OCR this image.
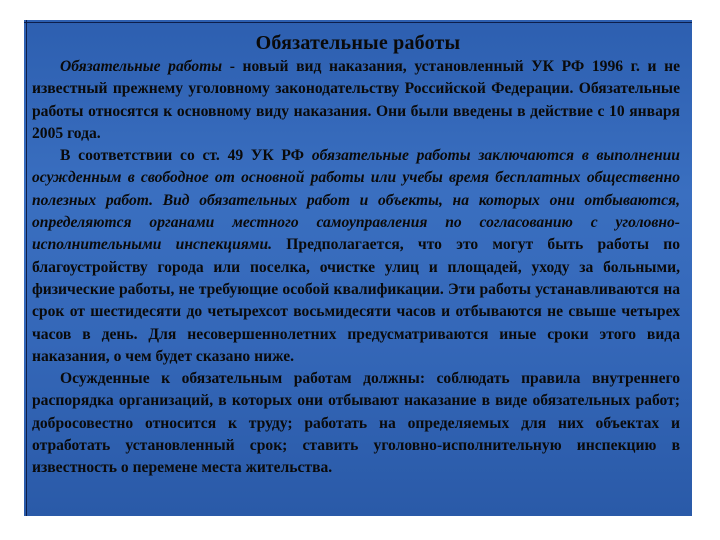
Обязательные работы

Обязательные работы - новый вид наказания, установленный УК РФ 1996 г. и не известный прежнему уголовному законодательству Российской Федерации. Обязательные работы относятся к основному виду наказания. Они были введены в действие с 10 января 2005 года.

В соответствии со ст. 49 УК РФ обязательные работы заключаются в выполнении осужденным в свободное от основной работы или учебы время бесплатных общественно полезных работ. Вид обязательных работ и объекты, на которых они отбываются, определяются органами местного самоуправления по согласованию с уголовно-исполнительными инспекциями. Предполагается, что это могут быть работы по благоустройству города или поселка, очистке улиц и площадей, уходу за больными, физические работы, не требующие особой квалификации. Эти работы устанавливаются на срок от шестидесяти до четырехсот восьмидесяти часов и отбываются не свыше четырех часов в день. Для несовершеннолетних предусматриваются иные сроки этого вида наказания, о чем будет сказано ниже.

Осужденные к обязательным работам должны: соблюдать правила внутреннего распорядка организаций, в которых они отбывают наказание в виде обязательных работ; добросовестно относится к труду; работать на определяемых для них объектах и отработать установленный срок; ставить уголовно-исполнительную инспекцию в известность о перемене места жительства.
